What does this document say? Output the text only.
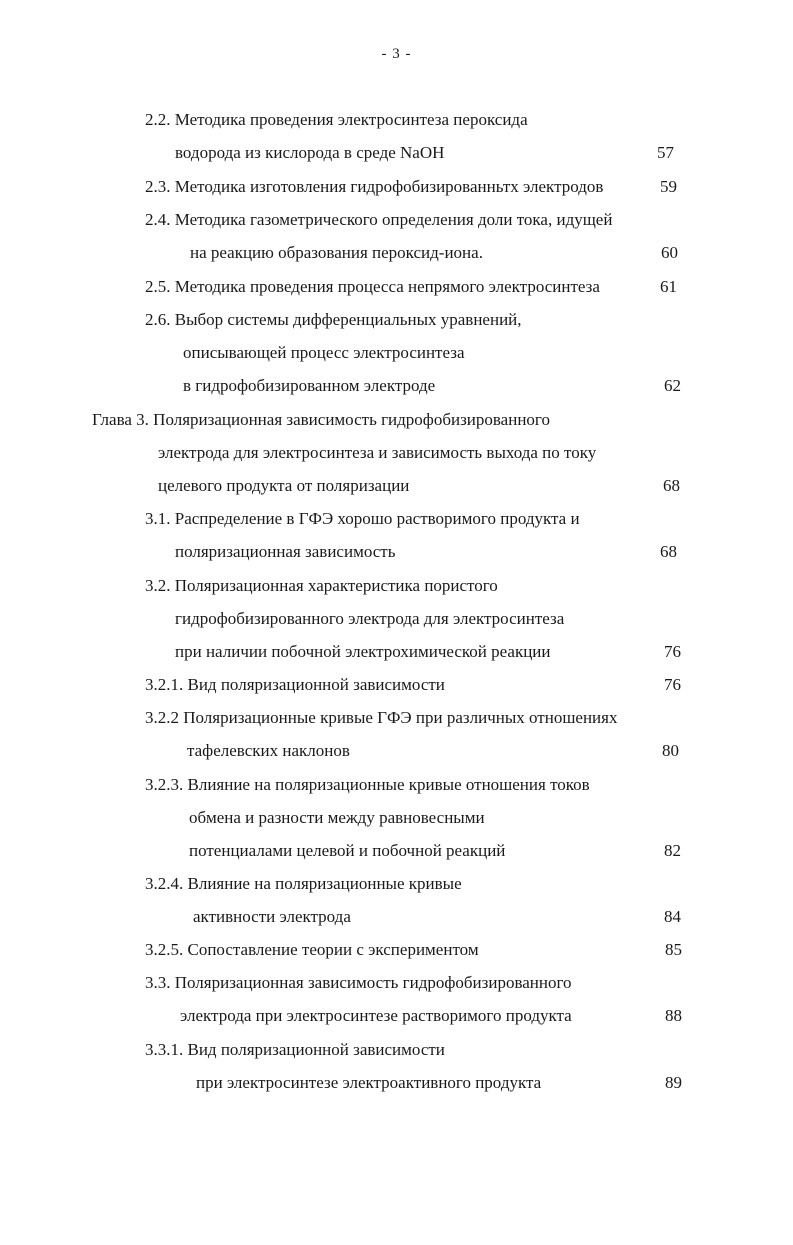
- 3 -
2.2. Методика проведения электросинтеза пероксида
водорода из кислорода в среде NaOH	57
2.3. Методика изготовления гидрофобизированньтх электродов	59
2.4. Методика газометрического определения доли тока, идущей
на реакцию образования пероксид-иона.	60
2.5. Методика проведения процесса непрямого электросинтеза	61
2.6. Выбор системы дифференциальных уравнений,
описывающей процесс электросинтеза
в гидрофобизированном электроде	62
Глава 3. Поляризационная зависимость гидрофобизированного
электрода для электросинтеза и зависимость выхода по току
целевого продукта от поляризации	68
3.1. Распределение в ГФЭ хорошо растворимого продукта и
поляризационная зависимость	68
3.2. Поляризационная характеристика пористого
гидрофобизированного электрода для электросинтеза
при наличии побочной электрохимической реакции	76
3.2.1. Вид поляризационной зависимости	76
3.2.2 Поляризационные кривые ГФЭ при различных отношениях
тафелевских наклонов	80
3.2.3. Влияние на поляризационные кривые отношения токов
обмена и разности между равновесными
потенциалами целевой и побочной реакций	82
3.2.4. Влияние на поляризационные кривые
активности электрода	84
3.2.5. Сопоставление теории с экспериментом	85
3.3. Поляризационная зависимость гидрофобизированного
электрода при электросинтезе растворимого продукта	88
3.3.1. Вид поляризационной зависимости
при электросинтезе электроактивного продукта	89
